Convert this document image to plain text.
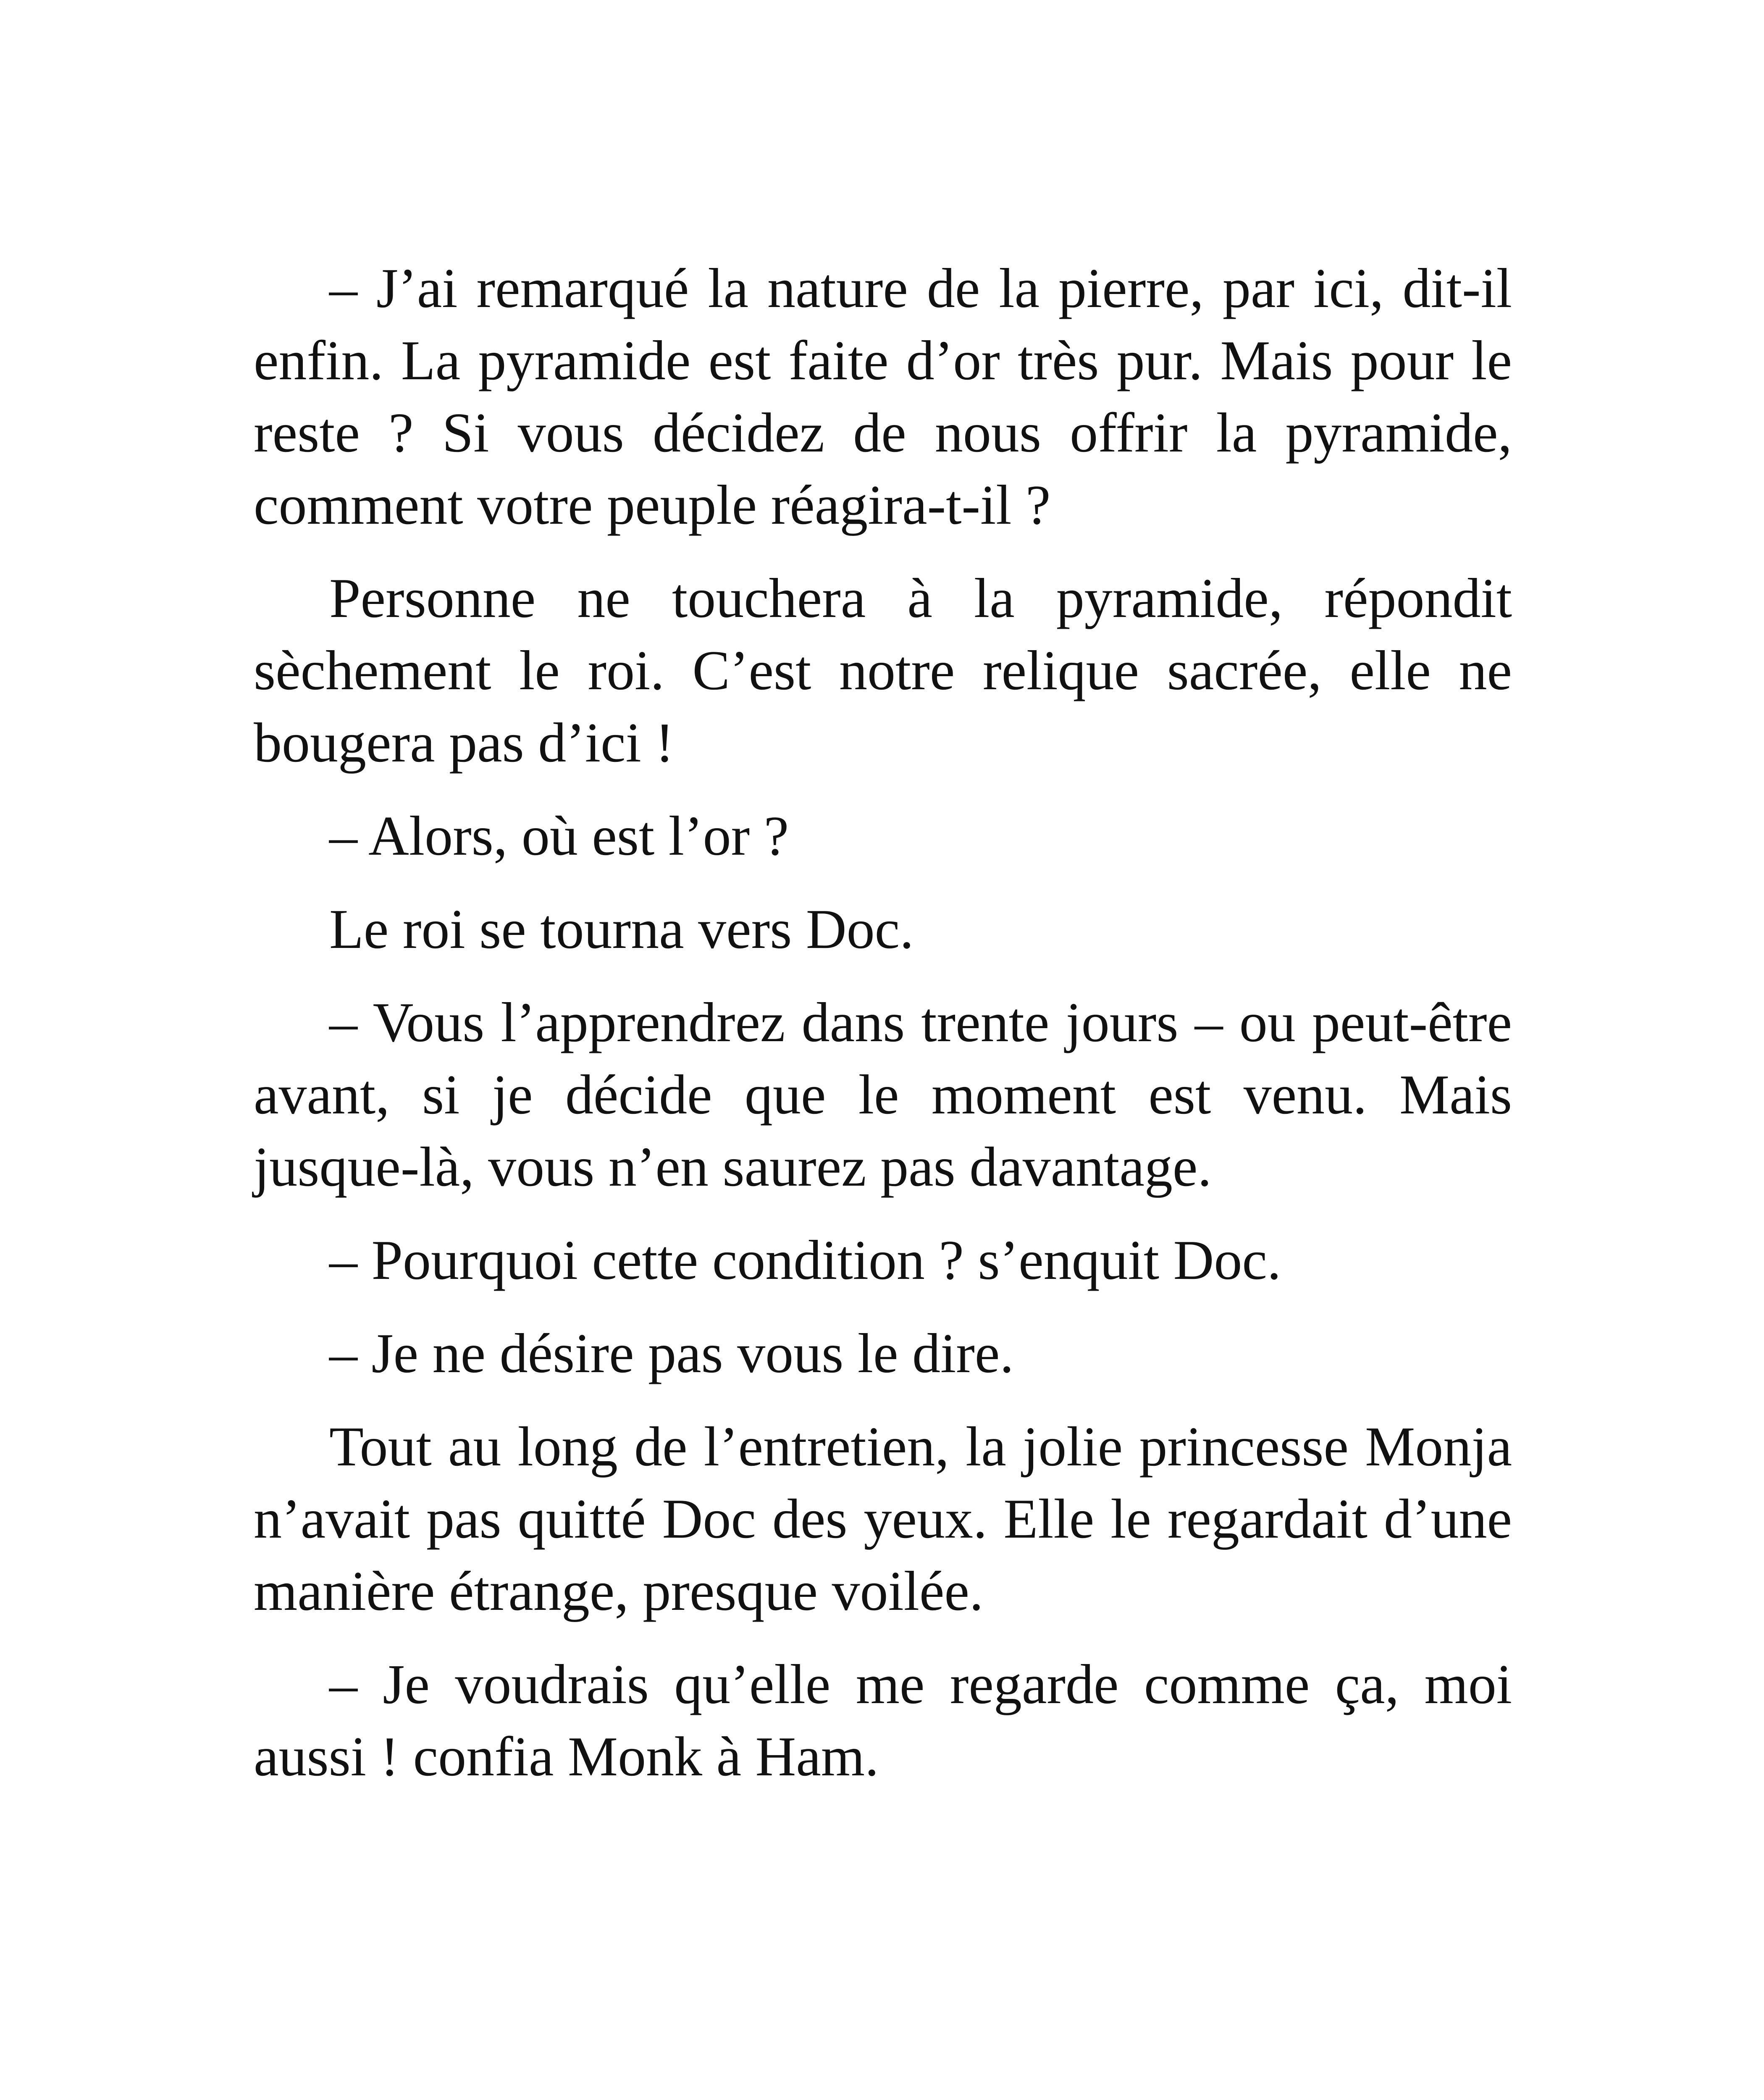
– J’ai remarqué la nature de la pierre, par ici, dit-il enfin. La pyramide est faite d’or très pur. Mais pour le reste ? Si vous décidez de nous offrir la pyramide, comment votre peuple réagira-t-il ?

Personne ne touchera à la pyramide, répondit sèchement le roi. C’est notre relique sacrée, elle ne bougera pas d’ici !

– Alors, où est l’or ?

Le roi se tourna vers Doc.

– Vous l’apprendrez dans trente jours – ou peut-être avant, si je décide que le moment est venu. Mais jusque-là, vous n’en saurez pas davantage.

– Pourquoi cette condition ? s’enquit Doc.

– Je ne désire pas vous le dire.

Tout au long de l’entretien, la jolie princesse Monja n’avait pas quitté Doc des yeux. Elle le regardait d’une manière étrange, presque voilée.

– Je voudrais qu’elle me regarde comme ça, moi aussi ! confia Monk à Ham.
